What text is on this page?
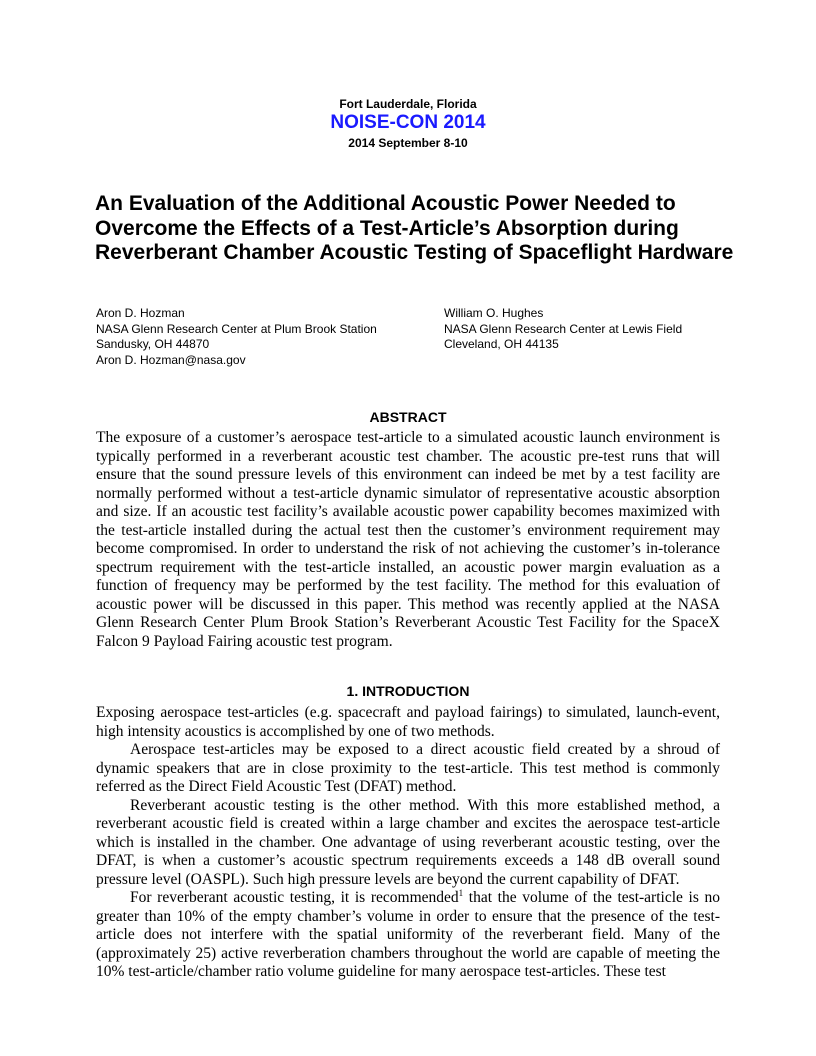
Fort Lauderdale, Florida
NOISE-CON 2014
2014 September 8-10
An Evaluation of the Additional Acoustic Power Needed to Overcome the Effects of a Test-Article’s Absorption during Reverberant Chamber Acoustic Testing of Spaceflight Hardware
Aron D. Hozman
NASA Glenn Research Center at Plum Brook Station
Sandusky, OH 44870
Aron D. Hozman@nasa.gov
William O. Hughes
NASA Glenn Research Center at Lewis Field
Cleveland, OH 44135
ABSTRACT
The exposure of a customer’s aerospace test-article to a simulated acoustic launch environment is typically performed in a reverberant acoustic test chamber. The acoustic pre-test runs that will ensure that the sound pressure levels of this environment can indeed be met by a test facility are normally performed without a test-article dynamic simulator of representative acoustic absorption and size. If an acoustic test facility’s available acoustic power capability becomes maximized with the test-article installed during the actual test then the customer’s environment requirement may become compromised. In order to understand the risk of not achieving the customer’s in-tolerance spectrum requirement with the test-article installed, an acoustic power margin evaluation as a function of frequency may be performed by the test facility. The method for this evaluation of acoustic power will be discussed in this paper. This method was recently applied at the NASA Glenn Research Center Plum Brook Station’s Reverberant Acoustic Test Facility for the SpaceX Falcon 9 Payload Fairing acoustic test program.
1. INTRODUCTION

Exposing aerospace test-articles (e.g. spacecraft and payload fairings) to simulated, launch-event, high intensity acoustics is accomplished by one of two methods.

Aerospace test-articles may be exposed to a direct acoustic field created by a shroud of dynamic speakers that are in close proximity to the test-article. This test method is commonly referred as the Direct Field Acoustic Test (DFAT) method.

Reverberant acoustic testing is the other method. With this more established method, a reverberant acoustic field is created within a large chamber and excites the aerospace test-article which is installed in the chamber. One advantage of using reverberant acoustic testing, over the DFAT, is when a customer’s acoustic spectrum requirements exceeds a 148 dB overall sound pressure level (OASPL). Such high pressure levels are beyond the current capability of DFAT.

For reverberant acoustic testing, it is recommended$^1$ that the volume of the test-article is no greater than 10% of the empty chamber’s volume in order to ensure that the presence of the test-article does not interfere with the spatial uniformity of the reverberant field. Many of the (approximately 25) active reverberation chambers throughout the world are capable of meeting the 10% test-article/chamber ratio volume guideline for many aerospace test-articles. These test
